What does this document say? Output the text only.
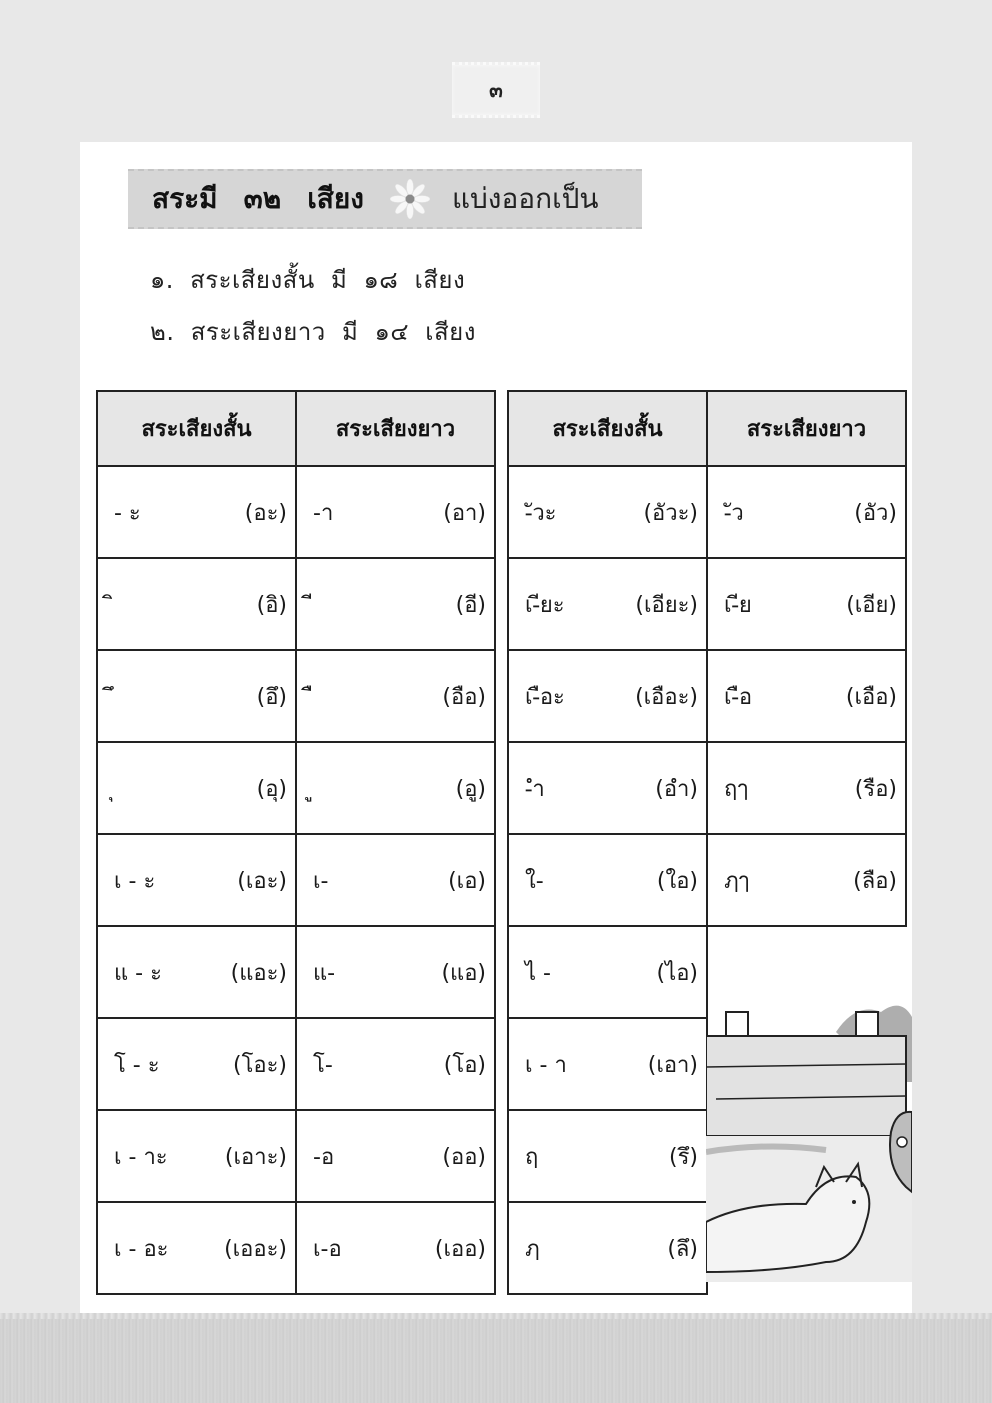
๓
สระมี ๓๒ เสียง	แบ่งออกเป็น
๑.  สระเสียงสั้น  มี  ๑๘  เสียง
๒.  สระเสียงยาว  มี  ๑๔  เสียง
สระเสียงสั้น	สระเสียงยาว

- ะ (อะ)	-า (อา)

(อิ)	(อี)

(อึ)	(อือ)

(อุ)	(อู)

เ - ะ (เอะ)	เ- (เอ)

แ - ะ (แอะ)	แ- (แอ)

โ - ะ (โอะ)	โ- (โอ)

เ - าะ (เอาะ)	-อ (ออ)

เ - อะ (เออะ)	เ-อ (เออ)
สระเสียงสั้น	สระเสียงยาว

-ัวะ (อัวะ)	-ัว (อัว)

เ-ียะ (เอียะ)	เ-ีย (เอีย)

เ-ือะ (เอือะ)	เ-ือ (เอือ)

-ำ (อำ)	ฤๅ (รือ)

ใ- (ใอ)	ฦๅ (ลือ)

ไ - (ไอ)	

เ - า (เอา)	

ฤ (รึ)	

ฦ (ลึ)	
